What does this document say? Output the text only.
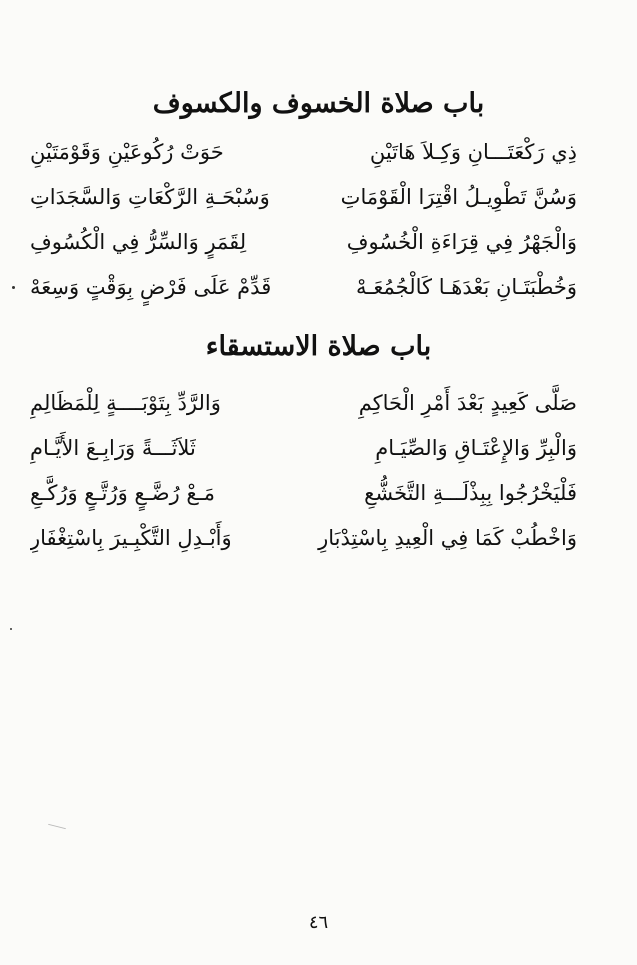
باب صلاة الخسوف والكسوف
ذِي رَكْعَتَـــانِ وَكِـلاَ هَاتَيْنِ
حَوَتْ رُكُوعَيْنِ وَقَوْمَتَيْنِ
وَسُنَّ تَطْوِيـلُ اقْتِرَا الْقَوْمَاتِ
وَسُبْحَـةِ الرَّكْعَاتِ وَالسَّجَدَاتِ
وَالْجَهْرُ فِي قِرَاءَةِ الْخُسُوفِ
لِقَمَرٍ وَالسِّرُّ فِي الْكُسُوفِ
وَخُطْبَتَـانِ بَعْدَهَـا كَالْجُمُعَـهْ
قَدِّمْ عَلَى فَرْضٍ بِوَقْتٍ وَسِعَهْ
باب صلاة الاستسقاء
صَلَّى كَعِيدٍ بَعْدَ أَمْرِ الْحَاكِمِ
وَالرَّدِّ بِتَوْبَــــةٍ لِلْمَظَالِمِ
وَالْبِرِّ وَالإِعْتَـاقِ وَالصِّيَـامِ
ثَلاَثَـــةً وَرَابِـعَ الأَيَّـامِ
فَلْيَخْرُجُوا بِبِذْلَـــةِ التَّخَشُّعِ
مَـعْ رُضَّـعٍ وَرُتَّـعٍ وَرُكَّـعِ
وَاخْطُبْ كَمَا فِي الْعِيدِ بِاسْتِدْبَارِ
وَأَبْـدِلِ التَّكْبِـيرَ بِاسْتِغْفَارِ
٤٦
